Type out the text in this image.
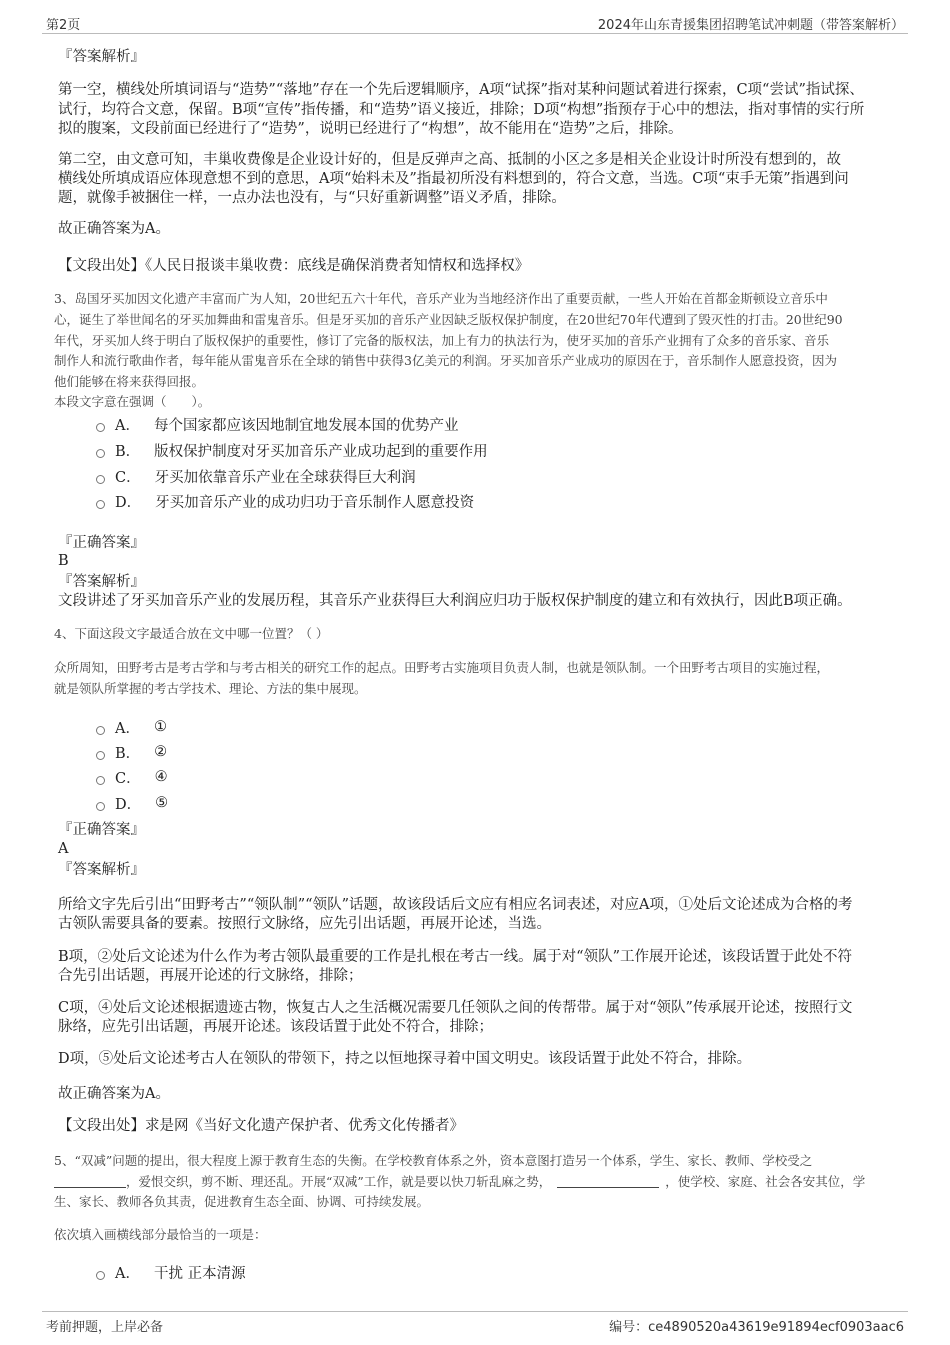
第2页	2024年山东青援集团招聘笔试冲刺题（带答案解析）
『答案解析』
第一空，横线处所填词语与“造势”“落地”存在一个先后逻辑顺序，A项“试探”指对某种问题试着进行探索，C项“尝试”指试探、
试行，均符合文意，保留。B项“宣传”指传播，和“造势”语义接近，排除；D项“构想”指预存于心中的想法，指对事情的实行所
拟的腹案，文段前面已经进行了“造势”，说明已经进行了“构想”，故不能用在“造势”之后，排除。
第二空，由文意可知，丰巢收费像是企业设计好的，但是反弹声之高、抵制的小区之多是相关企业设计时所没有想到的，故
横线处所填成语应体现意想不到的意思，A项“始料未及”指最初所没有料想到的，符合文意，当选。C项“束手无策”指遇到问
题，就像手被捆住一样，一点办法也没有，与“只好重新调整”语义矛盾，排除。
故正确答案为A。
【文段出处】《人民日报谈丰巢收费：底线是确保消费者知情权和选择权》
3、岛国牙买加因文化遗产丰富而广为人知，20世纪五六十年代，音乐产业为当地经济作出了重要贡献，一些人开始在首都金斯顿设立音乐中
心，诞生了举世闻名的牙买加舞曲和雷鬼音乐。但是牙买加的音乐产业因缺乏版权保护制度，在20世纪70年代遭到了毁灭性的打击。20世纪90
年代，牙买加人终于明白了版权保护的重要性，修订了完备的版权法，加上有力的执法行为，使牙买加的音乐产业拥有了众多的音乐家、音乐
制作人和流行歌曲作者，每年能从雷鬼音乐在全球的销售中获得3亿美元的利润。牙买加音乐产业成功的原因在于，音乐制作人愿意投资，因为
他们能够在将来获得回报。
本段文字意在强调（　　）。
A． 每个国家都应该因地制宜地发展本国的优势产业
B． 版权保护制度对牙买加音乐产业成功起到的重要作用
C． 牙买加依靠音乐产业在全球获得巨大利润
D． 牙买加音乐产业的成功归功于音乐制作人愿意投资
『正确答案』
B
『答案解析』
文段讲述了牙买加音乐产业的发展历程，其音乐产业获得巨大利润应归功于版权保护制度的建立和有效执行，因此B项正确。
4、下面这段文字最适合放在文中哪一位置？（ ）
众所周知，田野考古是考古学和与考古相关的研究工作的起点。田野考古实施项目负责人制，也就是领队制。一个田野考古项目的实施过程，
就是领队所掌握的考古学技术、理论、方法的集中展现。
A． ①
B． ②
C． ④
D． ⑤
『正确答案』
A
『答案解析』
所给文字先后引出“田野考古”“领队制”“领队”话题，故该段话后文应有相应名词表述，对应A项，①处后文论述成为合格的考
古领队需要具备的要素。按照行文脉络，应先引出话题，再展开论述，当选。
B项，②处后文论述为什么作为考古领队最重要的工作是扎根在考古一线。属于对“领队”工作展开论述，该段话置于此处不符
合先引出话题，再展开论述的行文脉络，排除；
C项，④处后文论述根据遗迹古物，恢复古人之生活概况需要几任领队之间的传帮带。属于对“领队”传承展开论述，按照行文
脉络，应先引出话题，再展开论述。该段话置于此处不符合，排除；
D项，⑤处后文论述考古人在领队的带领下，持之以恒地探寻着中国文明史。该段话置于此处不符合，排除。
故正确答案为A。
【文段出处】求是网《当好文化遗产保护者、优秀文化传播者》
5、“双减”问题的提出，很大程度上源于教育生态的失衡。在学校教育体系之外，资本意图打造另一个体系，学生、家长、教师、学校受之
，爱恨交织，剪不断、理还乱。开展“双减”工作，就是要以快刀斩乱麻之势，	，使学校、家庭、社会各安其位，学
生、家长、教师各负其责，促进教育生态全面、协调、可持续发展。
依次填入画横线部分最恰当的一项是：
A． 干扰 正本清源
考前押题，上岸必备	编号：ce4890520a43619e91894ecf0903aac6
